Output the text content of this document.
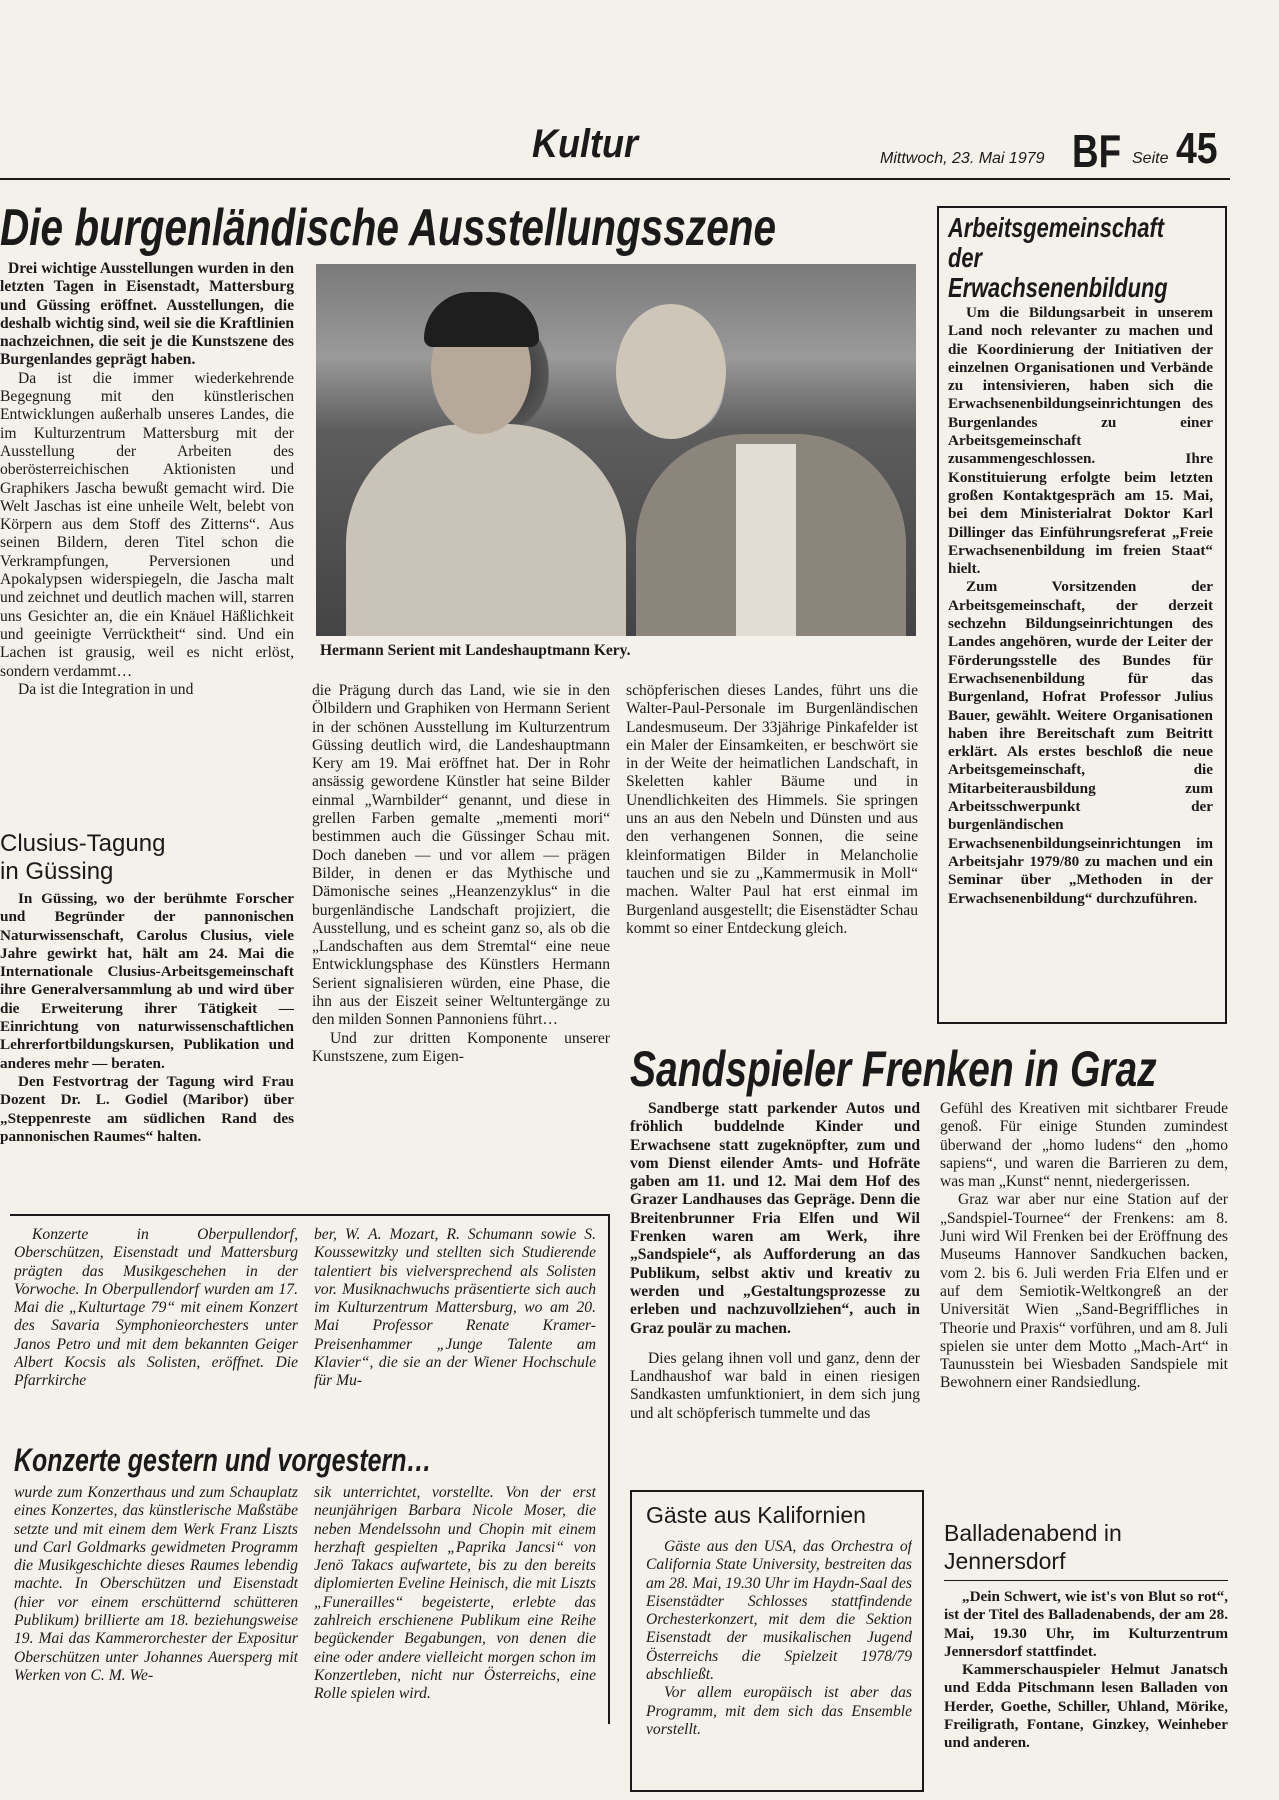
Kultur	Mittwoch, 23. Mai 1979 BF Seite 45
Die burgenländische Ausstellungsszene	Arbeitsgemeinschaft
der
Erwachsenenbildung

Um die Bildungsarbeit in unserem Land noch relevanter zu machen und die Koordinierung der Initiativen der einzelnen Organisationen und Verbände zu intensivieren, haben sich die Erwachsenenbildungseinrichtungen des Burgenlandes zu einer Arbeitsgemeinschaft zusammengeschlossen. Ihre Konstituierung erfolgte beim letzten großen Kontaktgespräch am 15. Mai, bei dem Ministerialrat Doktor Karl Dillinger das Einführungsreferat „Freie Erwachsenenbildung im freien Staat“ hielt.

Zum Vorsitzenden der Arbeitsgemeinschaft, der derzeit sechzehn Bildungseinrichtungen des Landes angehören, wurde der Leiter der Förderungsstelle des Bundes für Erwachsenenbildung für das Burgenland, Hofrat Professor Julius Bauer, gewählt. Weitere Organisationen haben ihre Bereitschaft zum Beitritt erklärt. Als erstes beschloß die neue Arbeitsgemeinschaft, die Mitarbeiterausbildung zum Arbeitsschwerpunkt der burgenländischen Erwachsenenbildungseinrichtungen im Arbeitsjahr 1979/80 zu machen und ein Seminar über „Methoden in der Erwachsenenbildung“ durchzuführen.

Hermann Serient mit Landeshauptmann Kery.

Drei wichtige Ausstellungen wurden in den letzten Tagen in Eisenstadt, Mattersburg und Güssing eröffnet. Ausstellungen, die deshalb wichtig sind, weil sie die Kraftlinien nachzeichnen, die seit je die Kunstszene des Burgenlandes geprägt haben.

Da ist die immer wiederkehrende Begegnung mit den künstlerischen Entwicklungen außerhalb unseres Landes, die im Kulturzentrum Mattersburg mit der Ausstellung der Arbeiten des oberösterreichischen Aktionisten und Graphikers Jascha bewußt gemacht wird. Die Welt Jaschas ist eine unheile Welt, belebt von Körpern aus dem Stoff des Zitterns“. Aus seinen Bildern, deren Titel schon die Verkrampfungen, Perversionen und Apokalypsen widerspiegeln, die Jascha malt und zeichnet und deutlich machen will, starren uns Gesichter an, die ein Knäuel Häßlichkeit und geeinigte Verrücktheit“ sind. Und ein Lachen ist grausig, weil es nicht erlöst, sondern verdammt…

Da ist die Integration in und

Clusius-Tagung
in Güssing

In Güssing, wo der berühmte Forscher und Begründer der pannonischen Naturwissenschaft, Carolus Clusius, viele Jahre gewirkt hat, hält am 24. Mai die Internationale Clusius-Arbeitsgemeinschaft ihre Generalversammlung ab und wird über die Erweiterung ihrer Tätigkeit — Einrichtung von naturwissenschaftlichen Lehrerfortbildungskursen, Publikation und anderes mehr — beraten.

Den Festvortrag der Tagung wird Frau Dozent Dr. L. Godiel (Maribor) über „Steppenreste am südlichen Rand des pannonischen Raumes“ halten.

die Prägung durch das Land, wie sie in den Ölbildern und Graphiken von Hermann Serient in der schönen Ausstellung im Kulturzentrum Güssing deutlich wird, die Landeshauptmann Kery am 19. Mai eröffnet hat. Der in Rohr ansässig gewordene Künstler hat seine Bilder einmal „Warnbilder“ genannt, und diese in grellen Farben gemalte „mementi mori“ bestimmen auch die Güssinger Schau mit. Doch daneben — und vor allem — prägen Bilder, in denen er das Mythische und Dämonische seines „Heanzenzyklus“ in die burgenländische Landschaft projiziert, die Ausstellung, und es scheint ganz so, als ob die „Landschaften aus dem Stremtal“ eine neue Entwicklungsphase des Künstlers Hermann Serient signalisieren würden, eine Phase, die ihn aus der Eiszeit seiner Weltuntergänge zu den milden Sonnen Pannoniens führt…

Und zur dritten Komponente unserer Kunstszene, zum Eigen-

schöpferischen dieses Landes, führt uns die Walter-Paul-Personale im Burgenländischen Landesmuseum. Der 33jährige Pinkafelder ist ein Maler der Einsamkeiten, er beschwört sie in der Weite der heimatlichen Landschaft, in Skeletten kahler Bäume und in Unendlichkeiten des Himmels. Sie springen uns an aus den Nebeln und Dünsten und aus den verhangenen Sonnen, die seine kleinformatigen Bilder in Melancholie tauchen und sie zu „Kammermusik in Moll“ machen. Walter Paul hat erst einmal im Burgenland ausgestellt; die Eisenstädter Schau kommt so einer Entdeckung gleich.

Konzerte in Oberpullendorf, Oberschützen, Eisenstadt und Mattersburg prägten das Musikgeschehen in der Vorwoche. In Oberpullendorf wurden am 17. Mai die „Kulturtage 79“ mit einem Konzert des Savaria Symphonieorchesters unter Janos Petro und mit dem bekannten Geiger Albert Kocsis als Solisten, eröffnet. Die Pfarrkirche

ber, W. A. Mozart, R. Schumann sowie S. Koussewitzky und stellten sich Studierende talentiert bis vielversprechend als Solisten vor. Musiknachwuchs präsentierte sich auch im Kulturzentrum Mattersburg, wo am 20. Mai Professor Renate Kramer-Preisenhammer „Junge Talente am Klavier“, die sie an der Wiener Hochschule für Mu-

Konzerte gestern und vorgestern…

wurde zum Konzerthaus und zum Schauplatz eines Konzertes, das künstlerische Maßstäbe setzte und mit einem dem Werk Franz Liszts und Carl Goldmarks gewidmeten Programm die Musikgeschichte dieses Raumes lebendig machte. In Oberschützen und Eisenstadt (hier vor einem erschütternd schütteren Publikum) brillierte am 18. beziehungsweise 19. Mai das Kammerorchester der Expositur Oberschützen unter Johannes Auersperg mit Werken von C. M. We-

sik unterrichtet, vorstellte. Von der erst neunjährigen Barbara Nicole Moser, die neben Mendelssohn und Chopin mit einem herzhaft gespielten „Paprika Jancsi“ von Jenö Takacs aufwartete, bis zu den bereits diplomierten Eveline Heinisch, die mit Liszts „Funerailles“ begeisterte, erlebte das zahlreich erschienene Publikum eine Reihe begückender Begabungen, von denen die eine oder andere vielleicht morgen schon im Konzertleben, nicht nur Österreichs, eine Rolle spielen wird.

Sandspieler Frenken in Graz

Sandberge statt parkender Autos und fröhlich buddelnde Kinder und Erwachsene statt zugeknöpfter, zum und vom Dienst eilender Amts- und Hofräte gaben am 11. und 12. Mai dem Hof des Grazer Landhauses das Gepräge. Denn die Breitenbrunner Fria Elfen und Wil Frenken waren am Werk, ihre „Sandspiele“, als Aufforderung an das Publikum, selbst aktiv und kreativ zu werden und „Gestaltungsprozesse zu erleben und nachzuvollziehen“, auch in Graz poulär zu machen.

Dies gelang ihnen voll und ganz, denn der Landhaushof war bald in einen riesigen Sandkasten umfunktioniert, in dem sich jung und alt schöpferisch tummelte und das

Gefühl des Kreativen mit sichtbarer Freude genoß. Für einige Stunden zumindest überwand der „homo ludens“ den „homo sapiens“, und waren die Barrieren zu dem, was man „Kunst“ nennt, niedergerissen.

Graz war aber nur eine Station auf der „Sandspiel-Tournee“ der Frenkens: am 8. Juni wird Wil Frenken bei der Eröffnung des Museums Hannover Sandkuchen backen, vom 2. bis 6. Juli werden Fria Elfen und er auf dem Semiotik-Weltkongreß an der Universität Wien „Sand-Begriffliches in Theorie und Praxis“ vorführen, und am 8. Juli spielen sie unter dem Motto „Mach-Art“ in Taunusstein bei Wiesbaden Sandspiele mit Bewohnern einer Randsiedlung.

Gäste aus Kalifornien

Gäste aus den USA, das Orchestra of California State University, bestreiten das am 28. Mai, 19.30 Uhr im Haydn-Saal des Eisenstädter Schlosses stattfindende Orchesterkonzert, mit dem die Sektion Eisenstadt der musikalischen Jugend Österreichs die Spielzeit 1978/79 abschließt.

Vor allem europäisch ist aber das Programm, mit dem sich das Ensemble vorstellt.

Balladenabend in
Jennersdorf

„Dein Schwert, wie ist's von Blut so rot“, ist der Titel des Balladenabends, der am 28. Mai, 19.30 Uhr, im Kulturzentrum Jennersdorf stattfindet.

Kammerschauspieler Helmut Janatsch und Edda Pitschmann lesen Balladen von Herder, Goethe, Schiller, Uhland, Mörike, Freiligrath, Fontane, Ginzkey, Weinheber und anderen.
